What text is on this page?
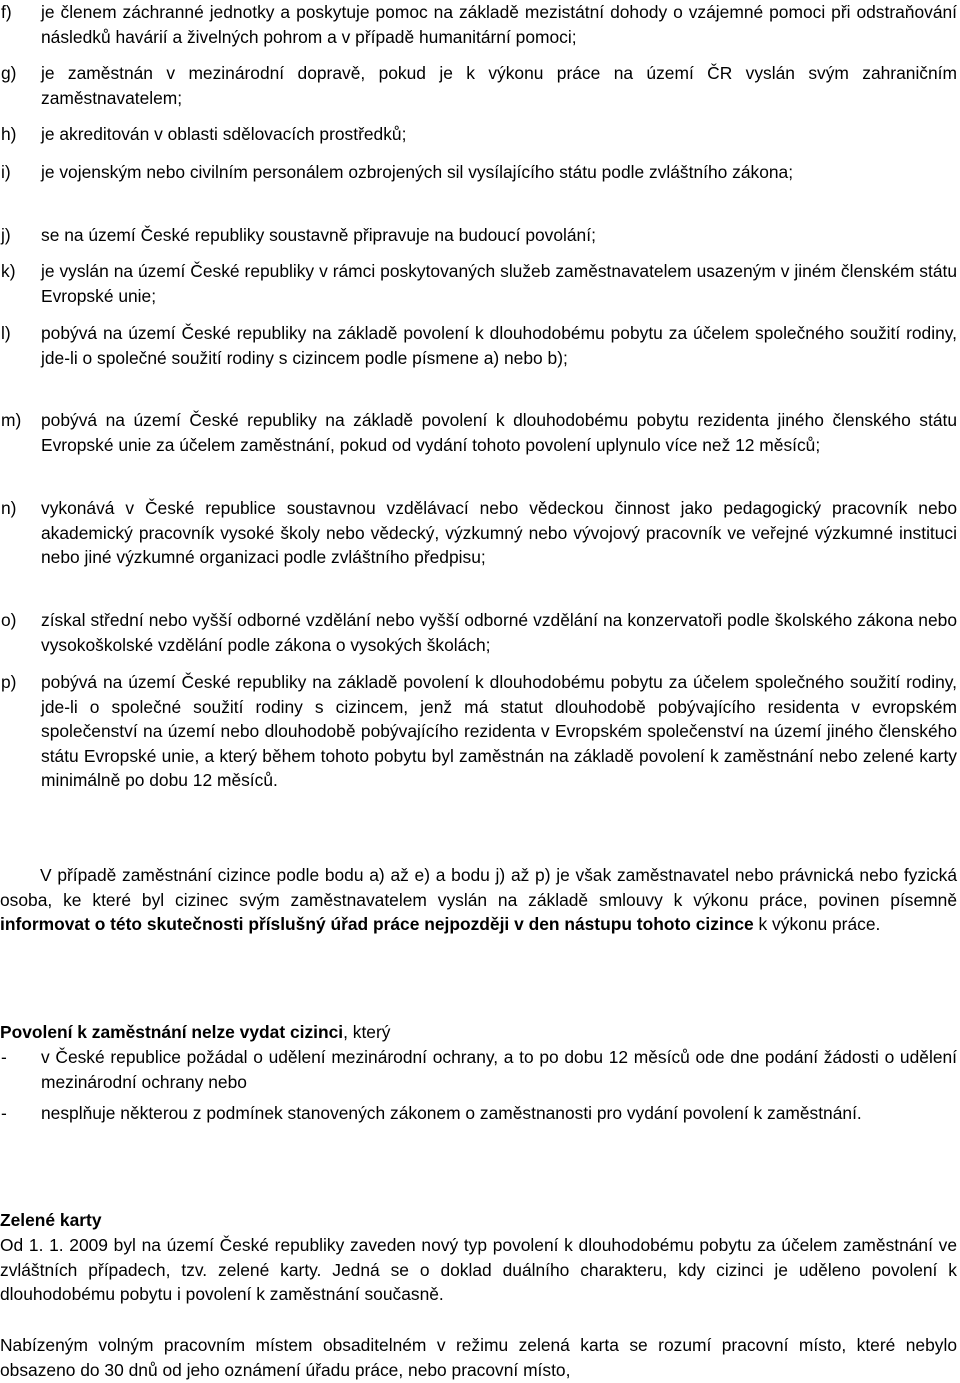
f) je členem záchranné jednotky a poskytuje pomoc na základě mezistátní dohody o vzájemné pomoci při odstraňování následků havárií a živelných pohrom a v případě humanitární pomoci;
g) je zaměstnán v mezinárodní dopravě, pokud je k výkonu práce na území ČR vyslán svým zahraničním zaměstnavatelem;
h) je akreditován v oblasti sdělovacích prostředků;
i) je vojenským nebo civilním personálem ozbrojených sil vysílajícího státu podle zvláštního zákona;
j) se na území České republiky soustavně připravuje na budoucí povolání;
k) je vyslán na území České republiky v rámci poskytovaných služeb zaměstnavatelem usazeným v jiném členském státu Evropské unie;
l) pobývá na území České republiky na základě povolení k dlouhodobému pobytu za účelem společného soužití rodiny, jde-li o společné soužití rodiny s cizincem podle písmene a) nebo b);
m) pobývá na území České republiky na základě povolení k dlouhodobému pobytu rezidenta jiného členského státu Evropské unie za účelem zaměstnání, pokud od vydání tohoto povolení uplynulo více než 12 měsíců;
n) vykonává v České republice soustavnou vzdělávací nebo vědeckou činnost jako pedagogický pracovník nebo akademický pracovník vysoké školy nebo vědecký, výzkumný nebo vývojový pracovník ve veřejné výzkumné instituci nebo jiné výzkumné organizaci podle zvláštního předpisu;
o) získal střední nebo vyšší odborné vzdělání nebo vyšší odborné vzdělání na konzervatoři podle školského zákona nebo vysokoškolské vzdělání podle zákona o vysokých školách;
p) pobývá na území České republiky na základě povolení k dlouhodobému pobytu za účelem společného soužití rodiny, jde-li o společné soužití rodiny s cizincem, jenž má statut dlouhodobě pobývajícího residenta v evropském společenství na území nebo dlouhodobě pobývajícího rezidenta v Evropském společenství na území jiného členského státu Evropské unie, a který během tohoto pobytu byl zaměstnán na základě povolení k zaměstnání nebo zelené karty minimálně po dobu 12 měsíců.
V případě zaměstnání cizince podle bodu a) až e) a bodu j) až p) je však zaměstnavatel nebo právnická nebo fyzická osoba, ke které byl cizinec svým zaměstnavatelem vyslán na základě smlouvy k výkonu práce, povinen písemně informovat o této skutečnosti příslušný úřad práce nejpozději v den nástupu tohoto cizince k výkonu práce.
Povolení k zaměstnání nelze vydat cizinci, který
- v České republice požádal o udělení mezinárodní ochrany, a to po dobu 12 měsíců ode dne podání žádosti o udělení mezinárodní ochrany nebo
- nesplňuje některou z podmínek stanovených zákonem o zaměstnanosti pro vydání povolení k zaměstnání.
Zelené karty
Od 1. 1. 2009 byl na území České republiky zaveden nový typ povolení k dlouhodobému pobytu za účelem zaměstnání ve zvláštních případech, tzv. zelené karty. Jedná se o doklad duálního charakteru, kdy cizinci je uděleno povolení k dlouhodobému pobytu i povolení k zaměstnání současně.
Nabízeným volným pracovním místem obsaditelném v režimu zelená karta se rozumí pracovní místo, které nebylo obsazeno do 30 dnů od jeho oznámení úřadu práce, nebo pracovní místo,
